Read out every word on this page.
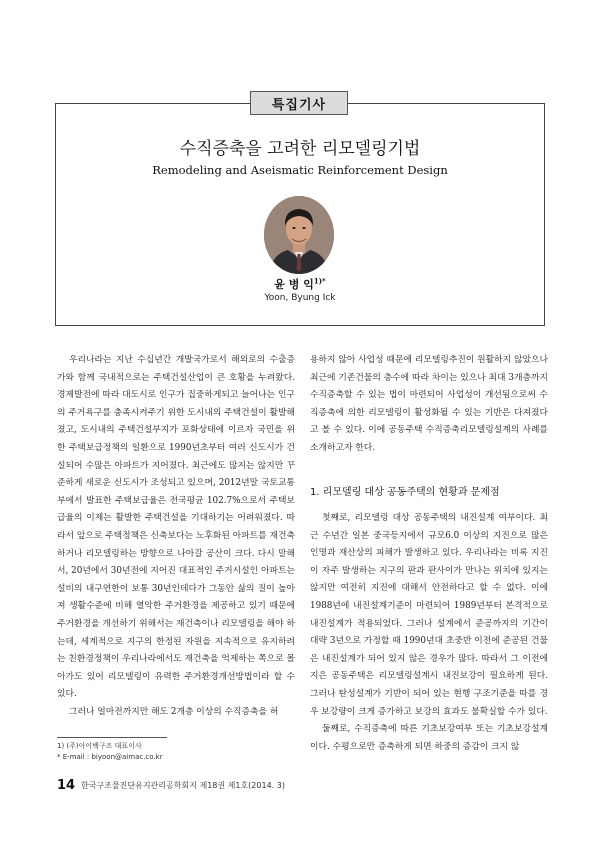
특집기사
수직증축을 고려한 리모델링기법
Remodeling and Aseismatic Reinforcement Design
윤 병 익$^{1)*}$
Yoon, Byung Ick

우리나라는 지난 수십년간 개발국가로서 해외로의 수출증가와 함께 국내적으로는 주택건설산업이 큰 호황을 누려왔다. 경제발전에 따라 대도시로 인구가 집중하게되고 늘어나는 인구의 주거욕구를 충족시켜주기 위한 도시내의 주택건설이 활발해졌고, 도시내의 주택건설부지가 포화상태에 이르자 국민을 위한 주택보급정책의 일환으로 1990년초부터 여러 신도시가 건설되어 수많은 아파트가 지어졌다. 최근에도 많지는 않지만 꾸준하게 새로운 신도시가 조성되고 있으며, 2012년말 국토교통부에서 발표한 주택보급율은 전국평균 102.7%으로서 주택보급율의 이제는 활발한 주택건설을 기대하기는 어려워졌다. 따라서 앞으로 주택정책은 신축보다는 노후화된 아파트를 재건축하거나 리모델링하는 방향으로 나아갈 공산이 크다. 다시 말해서, 20년에서 30년전에 지어진 대표적인 주거시설인 아파트는 설비의 내구연한이 보통 30년인데다가 그동안 삶의 질이 높아져 생활수준에 비해 열악한 주거환경을 제공하고 있기 때문에 주거환경을 개선하기 위해서는 재건축이나 리모델링을 해야 하는데, 세계적으로 지구의 한정된 자원을 지속적으로 유지하려는 친환경정책이 우리나라에서도 재건축을 억제하는 쪽으로 몰아가도 있어 리모델링이 유력한 주거환경개선방법이라 할 수 있다.

그러나 얼마전까지만 해도 2개층 이상의 수직증축을 허

용하지 않아 사업성 때문에 리모델링추진이 원활하지 않았으나 최근에 기존건물의 층수에 따라 차이는 있으나 최대 3개층까지 수직증축할 수 있는 법이 마련되어 사업성이 개선됨으로써 수직증축에 의한 리모델링이 활성화될 수 있는 기반은 다져졌다고 볼 수 있다. 이에 공동주택 수직증축리모델링설계의 사례를 소개하고자 한다.

1. 리모델링 대상 공동주택의 현황과 문제점

첫째로, 리모델링 대상 공동주택의 내진설계 여부이다. 최근 수년간 일본 중국등지에서 규모6.0 이상의 지진으로 많은 인명과 재산상의 피해가 발생하고 있다. 우리나라는 비록 지진이 자주 발생하는 지구의 판과 판사이가 만나는 위치에 있지는 않지만 여전히 지진에 대해서 안전하다고 할 수 없다. 이에 1988년에 내진설계기준이 마련되어 1989년부터 본격적으로 내진설계가 적용되었다. 그러나 설계에서 준공까지의 기간이 대략 3년으로 가정할 때 1990년대 초중반 이전에 준공된 건물은 내진설계가 되어 있지 않은 경우가 많다. 따라서 그 이전에 지은 공동주택은 리모델링설계시 내진보강이 필요하게 된다. 그러나 탄성설계가 기반이 되어 있는 현행 구조기준을 따를 경우 보강량이 크게 증가하고 보강의 효과도 불확실할 수가 있다.

둘째로, 수직증축에 따른 기초보강여부 또는 기초보강설계이다. 수평으로만 증축하게 되면 하중의 증감이 크지 않

1) (주)아이백구조 대표이사
* E-mail : biyoon@aimac.co.kr
14 한국구조물진단유지관리공학회지 제18권 제1호(2014. 3)
